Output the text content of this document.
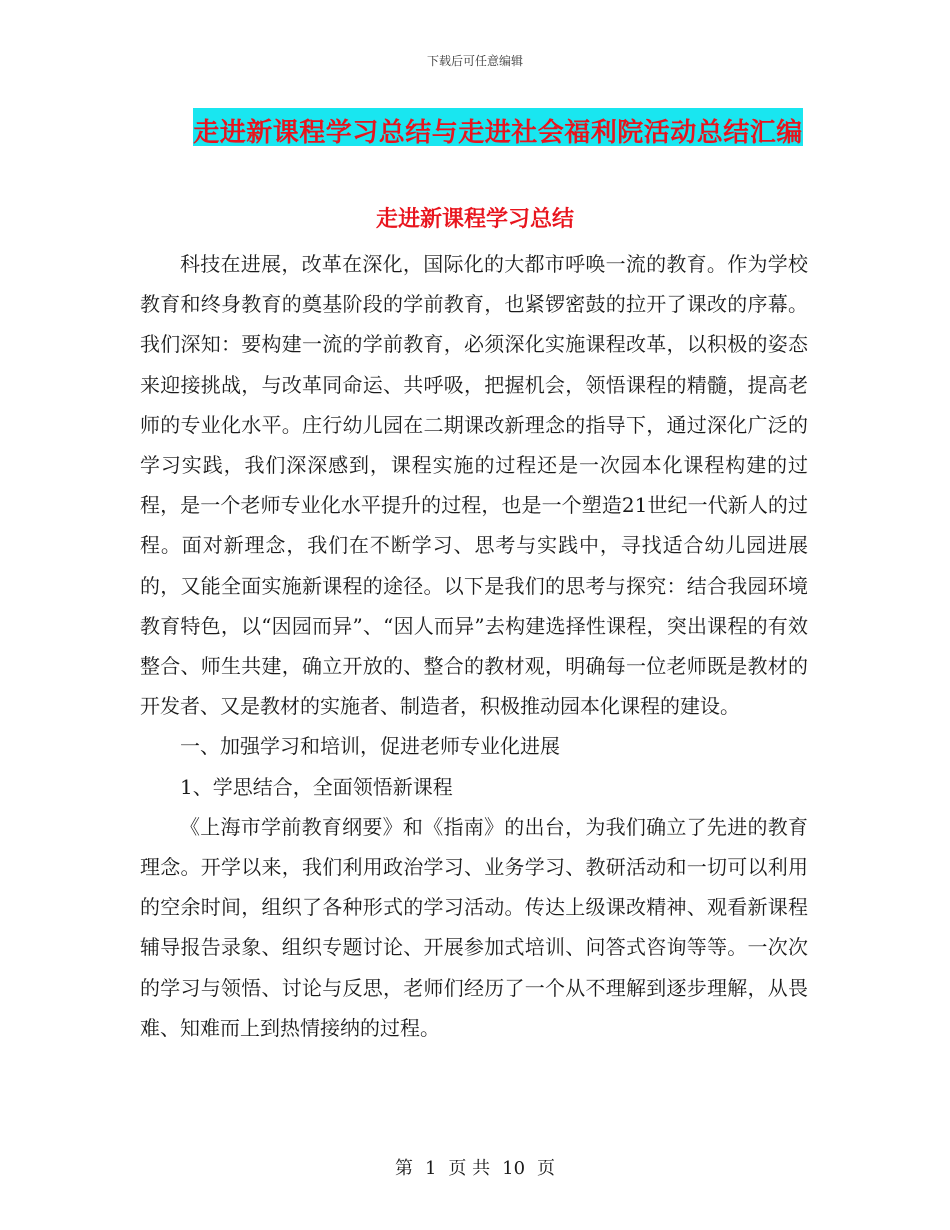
下载后可任意编辑
走进新课程学习总结与走进社会福利院活动总结汇编
走进新课程学习总结

科技在进展，改革在深化，国际化的大都市呼唤一流的教育。作为学校教育和终身教育的奠基阶段的学前教育，也紧锣密鼓的拉开了课改的序幕。我们深知：要构建一流的学前教育，必须深化实施课程改革，以积极的姿态来迎接挑战，与改革同命运、共呼吸，把握机会，领悟课程的精髓，提高老师的专业化水平。庄行幼儿园在二期课改新理念的指导下，通过深化广泛的学习实践，我们深深感到，课程实施的过程还是一次园本化课程构建的过程，是一个老师专业化水平提升的过程，也是一个塑造21世纪一代新人的过程。面对新理念，我们在不断学习、思考与实践中，寻找适合幼儿园进展的，又能全面实施新课程的途径。以下是我们的思考与探究：结合我园环境教育特色，以“因园而异”、“因人而异”去构建选择性课程，突出课程的有效整合、师生共建，确立开放的、整合的教材观，明确每一位老师既是教材的开发者、又是教材的实施者、制造者，积极推动园本化课程的建设。

一、加强学习和培训，促进老师专业化进展

1、学思结合，全面领悟新课程

《上海市学前教育纲要》和《指南》的出台，为我们确立了先进的教育理念。开学以来，我们利用政治学习、业务学习、教研活动和一切可以利用的空余时间，组织了各种形式的学习活动。传达上级课改精神、观看新课程辅导报告录象、组织专题讨论、开展参加式培训、问答式咨询等等。一次次的学习与领悟、讨论与反思，老师们经历了一个从不理解到逐步理解，从畏难、知难而上到热情接纳的过程。

第 1 页 共 10 页
